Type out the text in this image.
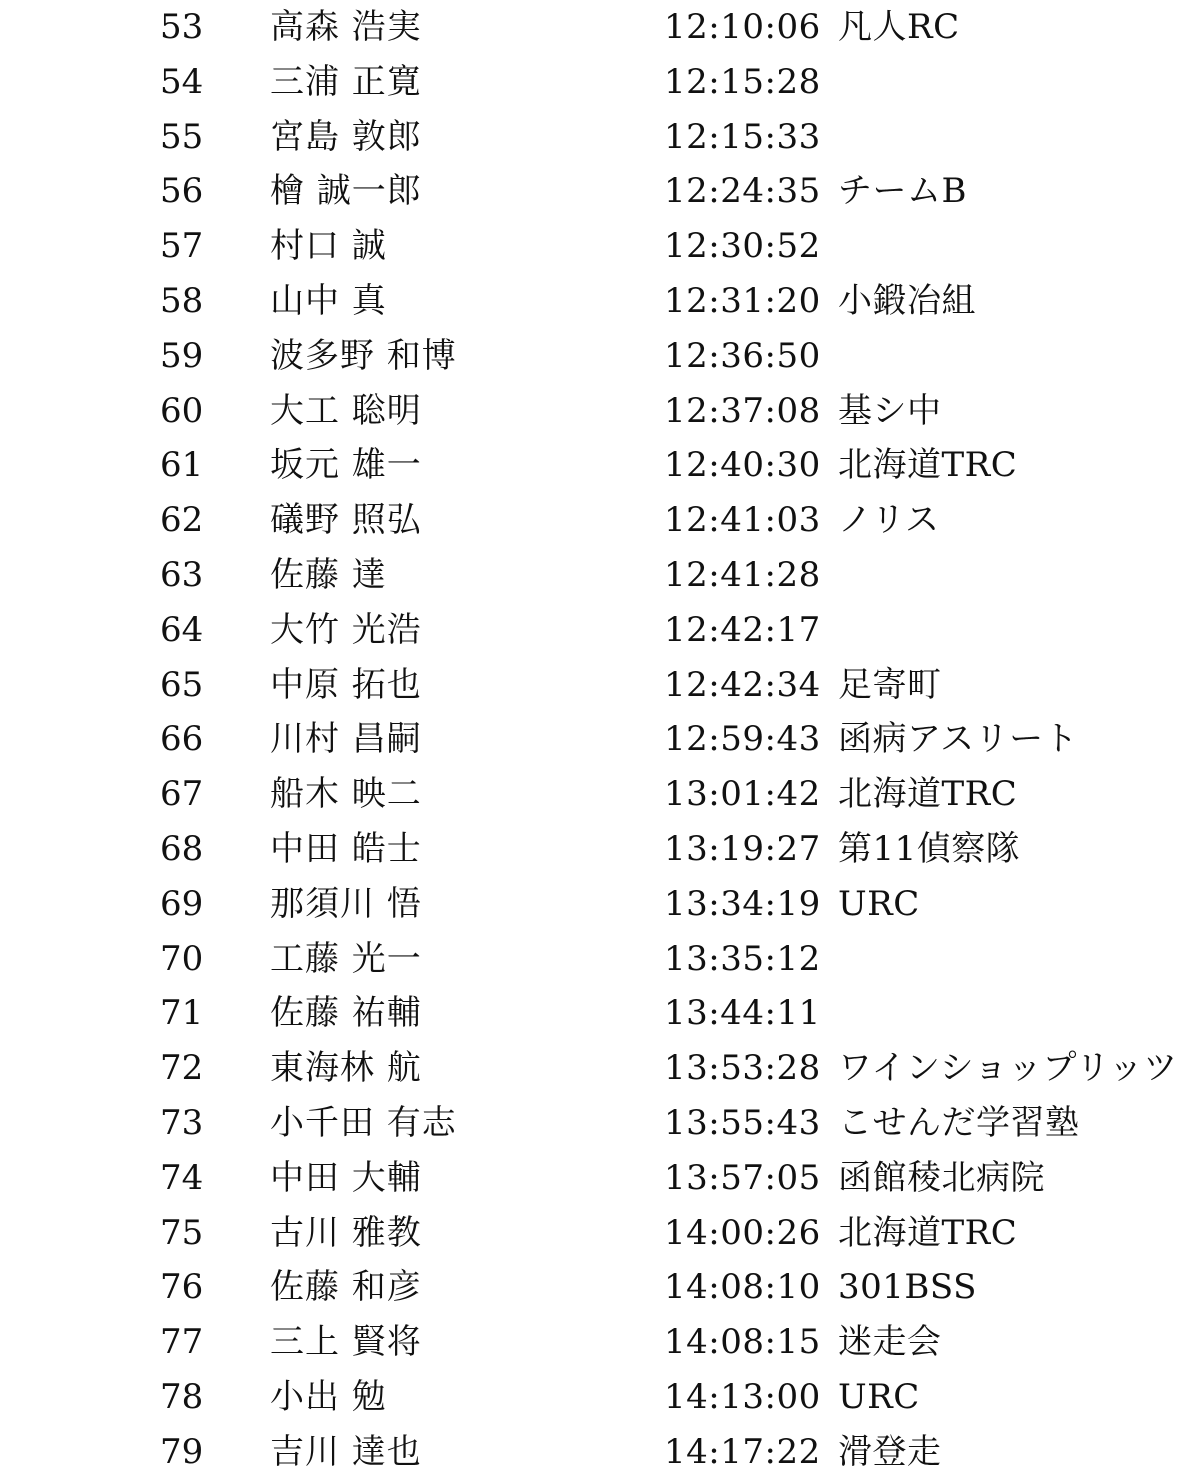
53	高森 浩実	12:10:06 凡人RC
54	三浦 正寛	12:15:28
55	宮島 敦郎	12:15:33
56	檜 誠一郎	12:24:35 チームB
57	村口 誠	12:30:52
58	山中 真	12:31:20 小鍛冶組
59	波多野 和博	12:36:50
60	大工 聡明	12:37:08 基シ中
61	坂元 雄一	12:40:30 北海道TRC
62	礒野 照弘	12:41:03 ノリス
63	佐藤 達	12:41:28
64	大竹 光浩	12:42:17
65	中原 拓也	12:42:34 足寄町
66	川村 昌嗣	12:59:43 函病アスリート
67	船木 映二	13:01:42 北海道TRC
68	中田 皓士	13:19:27 第11偵察隊
69	那須川 悟	13:34:19 URC
70	工藤 光一	13:35:12
71	佐藤 祐輔	13:44:11
72	東海林 航	13:53:28 ワインショップリッツ
73	小千田 有志	13:55:43 こせんだ学習塾
74	中田 大輔	13:57:05 函館稜北病院
75	古川 雅教	14:00:26 北海道TRC
76	佐藤 和彦	14:08:10 301BSS
77	三上 賢将	14:08:15 迷走会
78	小出 勉	14:13:00 URC
79	吉川 達也	14:17:22 滑登走
